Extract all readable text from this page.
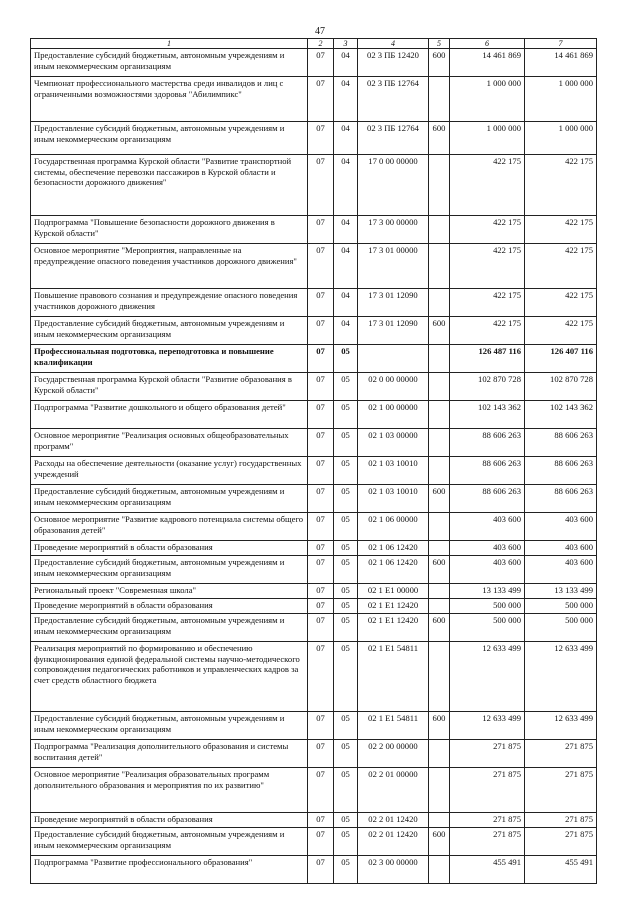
47
1	2	3	4	5	6	7
Предоставление субсидий бюджетным, автономным учреждениям и иным некоммерческим организациям	07	04	02 3 ПБ 12420	600	14 461 869	14 461 869
Чемпионат профессионального мастерства среди инвалидов и лиц с ограниченными возможностями здоровья "Абилимпикс"	07	04	02 3 ПБ 12764		1 000 000	1 000 000
Предоставление субсидий бюджетным, автономным учреждениям и иным некоммерческим организациям	07	04	02 3 ПБ 12764	600	1 000 000	1 000 000
Государственная программа Курской области "Развитие транспортной системы, обеспечение перевозки пассажиров в Курской области и безопасности дорожного движения"	07	04	17 0 00 00000		422 175	422 175
Подпрограмма "Повышение безопасности дорожного движения в Курской области"	07	04	17 3 00 00000		422 175	422 175
Основное мероприятие "Мероприятия, направленные на предупреждение опасного поведения участников дорожного движения"	07	04	17 3 01 00000		422 175	422 175
Повышение правового сознания и предупреждение опасного поведения участников дорожного движения	07	04	17 3 01 12090		422 175	422 175
Предоставление субсидий бюджетным, автономным учреждениям и иным некоммерческим организациям	07	04	17 3 01 12090	600	422 175	422 175
Профессиональная подготовка, переподготовка и повышение квалификации	07	05			126 487 116	126 407 116
Государственная программа Курской области "Развитие образования в Курской области"	07	05	02 0 00 00000		102 870 728	102 870 728
Подпрограмма "Развитие дошкольного и общего образования детей"	07	05	02 1 00 00000		102 143 362	102 143 362
Основное мероприятие "Реализация основных общеобразовательных программ"	07	05	02 1 03 00000		88 606 263	88 606 263
Расходы на обеспечение деятельности (оказание услуг) государственных учреждений	07	05	02 1 03 10010		88 606 263	88 606 263
Предоставление субсидий бюджетным, автономным учреждениям и иным некоммерческим организациям	07	05	02 1 03 10010	600	88 606 263	88 606 263
Основное мероприятие "Развитие кадрового потенциала системы общего образования детей"	07	05	02 1 06 00000		403 600	403 600
Проведение мероприятий в области образования	07	05	02 1 06 12420		403 600	403 600
Предоставление субсидий бюджетным, автономным учреждениям и иным некоммерческим организациям	07	05	02 1 06 12420	600	403 600	403 600
Региональный проект "Современная школа"	07	05	02 1 E1 00000		13 133 499	13 133 499
Проведение мероприятий в области образования	07	05	02 1 E1 12420		500 000	500 000
Предоставление субсидий бюджетным, автономным учреждениям и иным некоммерческим организациям	07	05	02 1 E1 12420	600	500 000	500 000
Реализация мероприятий по формированию и обеспечению функционирования единой федеральной системы научно-методического сопровождения педагогических работников и управленческих кадров за счет средств областного бюджета	07	05	02 1 E1 54811		12 633 499	12 633 499
Предоставление субсидий бюджетным, автономным учреждениям и иным некоммерческим организациям	07	05	02 1 E1 54811	600	12 633 499	12 633 499
Подпрограмма "Реализация дополнительного образования и системы воспитания детей"	07	05	02 2 00 00000		271 875	271 875
Основное мероприятие "Реализация образовательных программ дополнительного образования и мероприятия по их развитию"	07	05	02 2 01 00000		271 875	271 875
Проведение мероприятий в области образования	07	05	02 2 01 12420		271 875	271 875
Предоставление субсидий бюджетным, автономным учреждениям и иным некоммерческим организациям	07	05	02 2 01 12420	600	271 875	271 875
Подпрограмма "Развитие профессионального образования"	07	05	02 3 00 00000		455 491	455 491
